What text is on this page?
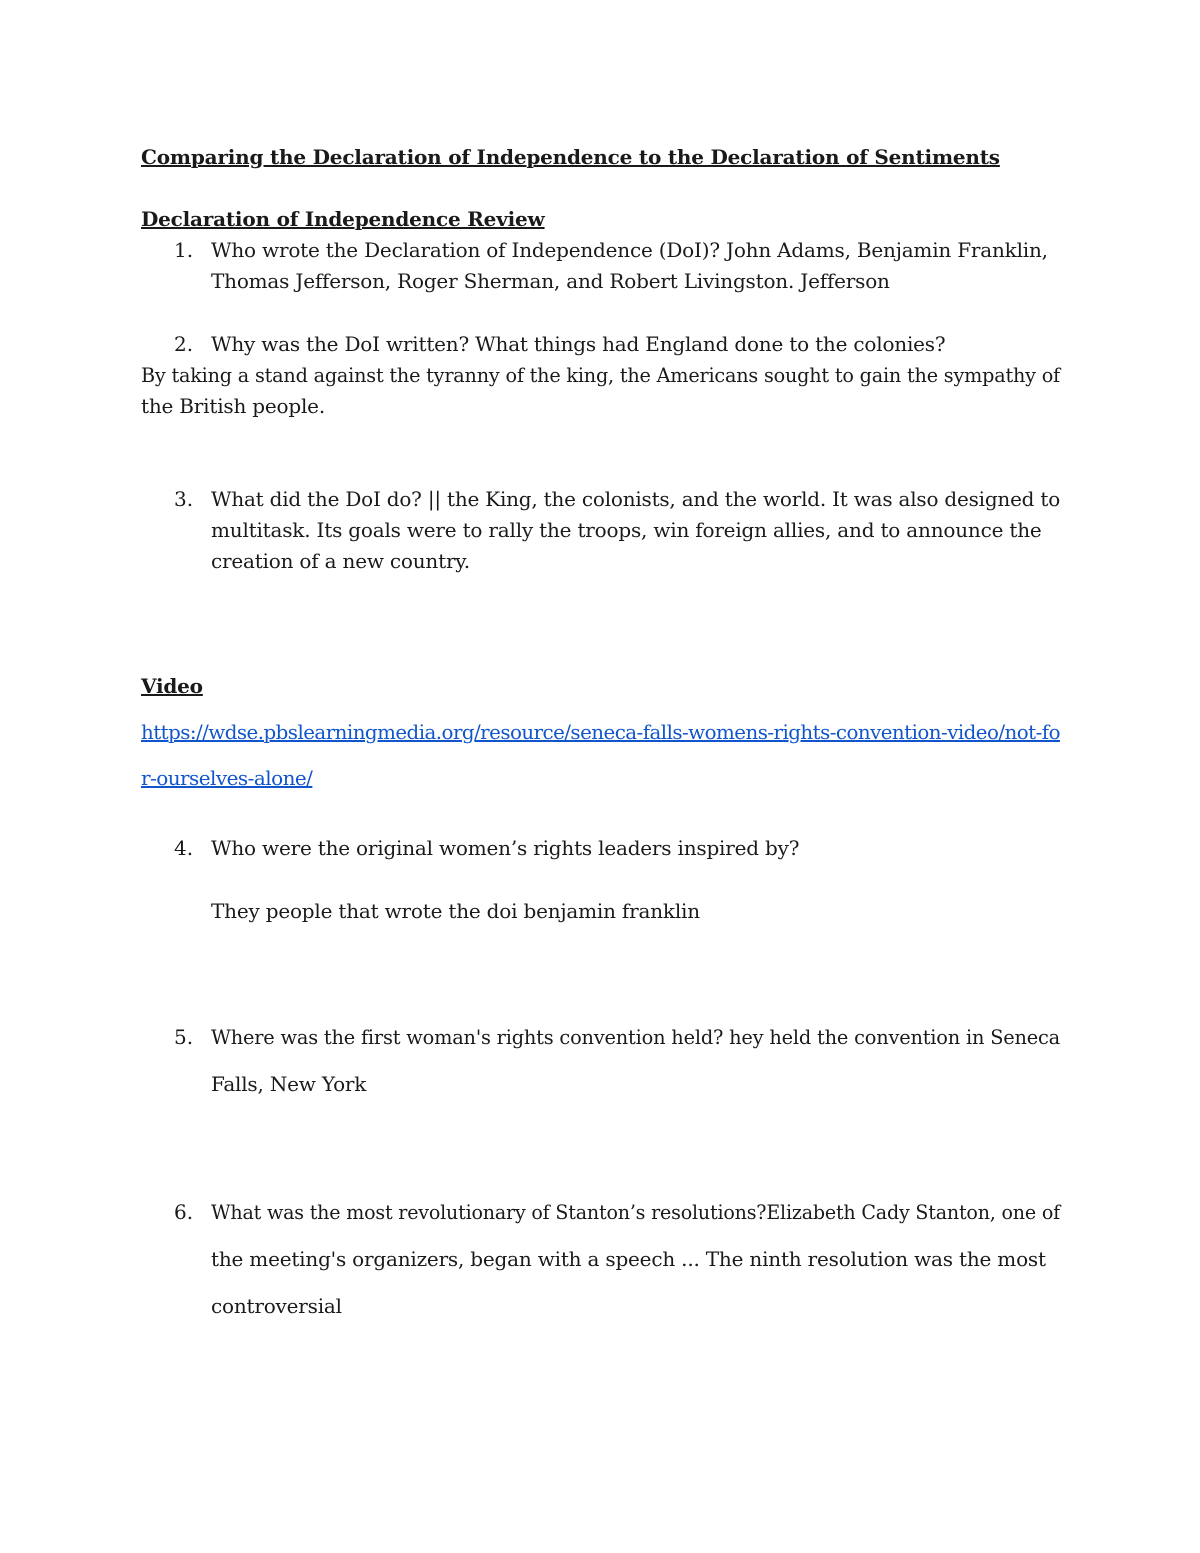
Comparing the Declaration of Independence to the Declaration of Sentiments
Declaration of Independence Review
1. Who wrote the Declaration of Independence (DoI)? John Adams, Benjamin Franklin,
Thomas Jefferson, Roger Sherman, and Robert Livingston. Jefferson
2. Why was the DoI written? What things had England done to the colonies?
By taking a stand against the tyranny of the king, the Americans sought to gain the sympathy of
the British people.
3. What did the DoI do? || the King, the colonists, and the world. It was also designed to
multitask. Its goals were to rally the troops, win foreign allies, and to announce the
creation of a new country.
Video
https://wdse.pbslearningmedia.org/resource/seneca-falls-womens-rights-convention-video/not-fo
r-ourselves-alone/
4. Who were the original women’s rights leaders inspired by?
They people that wrote the doi benjamin franklin
5. Where was the first woman's rights convention held? hey held the convention in Seneca
Falls, New York
6. What was the most revolutionary of Stanton’s resolutions?Elizabeth Cady Stanton, one of
the meeting's organizers, began with a speech ... The ninth resolution was the most
controversial
